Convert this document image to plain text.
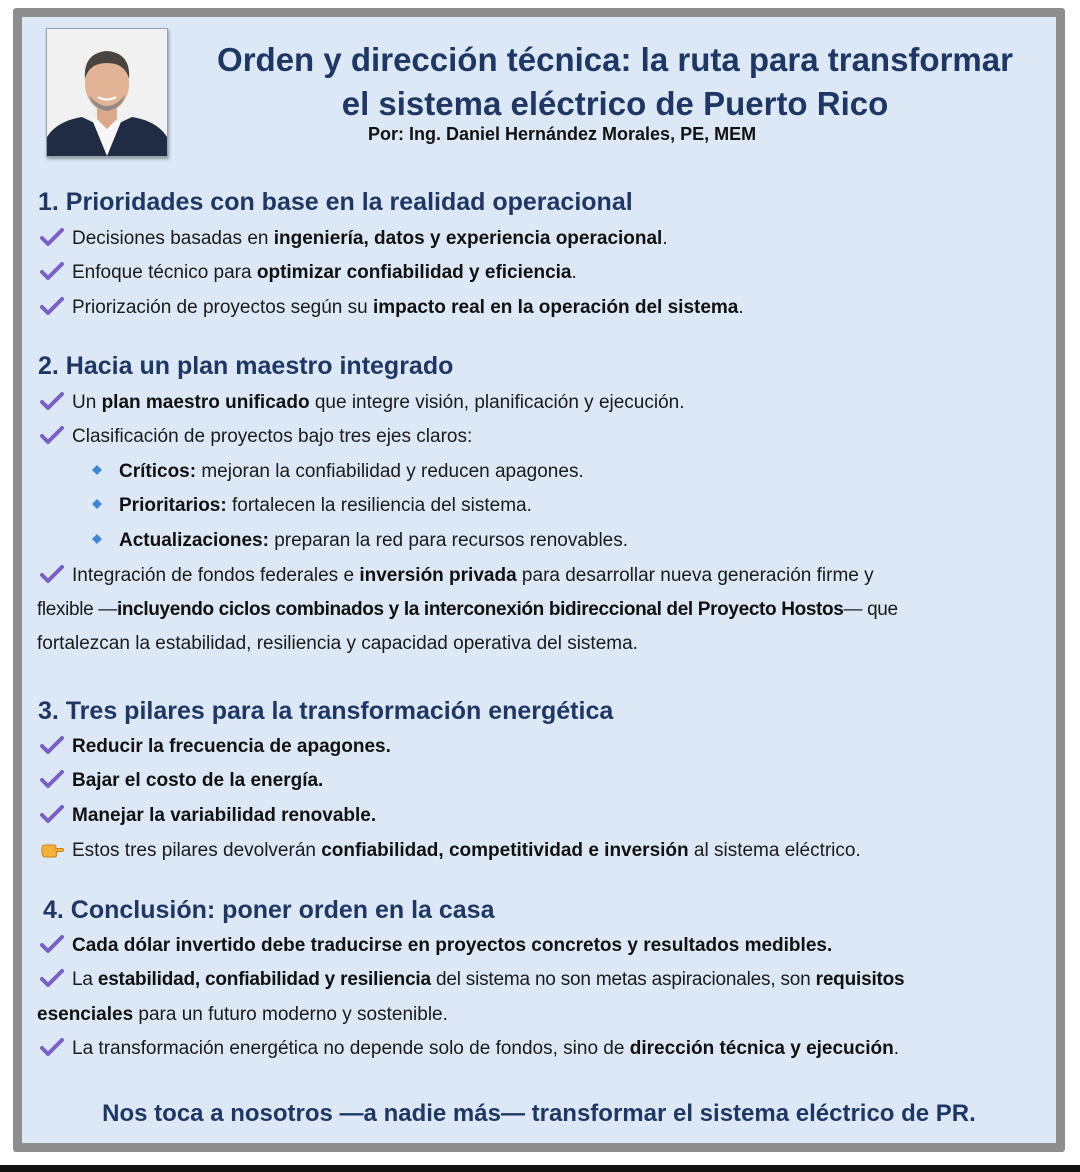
Orden y dirección técnica: la ruta para transformar
el sistema eléctrico de Puerto Rico
Por: Ing. Daniel Hernández Morales, PE, MEM
1. Prioridades con base en la realidad operacional
Decisiones basadas en ingeniería, datos y experiencia operacional.
Enfoque técnico para optimizar confiabilidad y eficiencia.
Priorización de proyectos según su impacto real en la operación del sistema.
2. Hacia un plan maestro integrado
Un plan maestro unificado que integre visión, planificación y ejecución.
Clasificación de proyectos bajo tres ejes claros:
Críticos: mejoran la confiabilidad y reducen apagones.
Prioritarios: fortalecen la resiliencia del sistema.
Actualizaciones: preparan la red para recursos renovables.
Integración de fondos federales e inversión privada para desarrollar nueva generación firme y
flexible —incluyendo ciclos combinados y la interconexión bidireccional del Proyecto Hostos— que
fortalezcan la estabilidad, resiliencia y capacidad operativa del sistema.
3. Tres pilares para la transformación energética
Reducir la frecuencia de apagones.
Bajar el costo de la energía.
Manejar la variabilidad renovable.
Estos tres pilares devolverán confiabilidad, competitividad e inversión al sistema eléctrico.
4. Conclusión: poner orden en la casa
Cada dólar invertido debe traducirse en proyectos concretos y resultados medibles.
La estabilidad, confiabilidad y resiliencia del sistema no son metas aspiracionales, son requisitos
esenciales para un futuro moderno y sostenible.
La transformación energética no depende solo de fondos, sino de dirección técnica y ejecución.
Nos toca a nosotros —a nadie más— transformar el sistema eléctrico de PR.
